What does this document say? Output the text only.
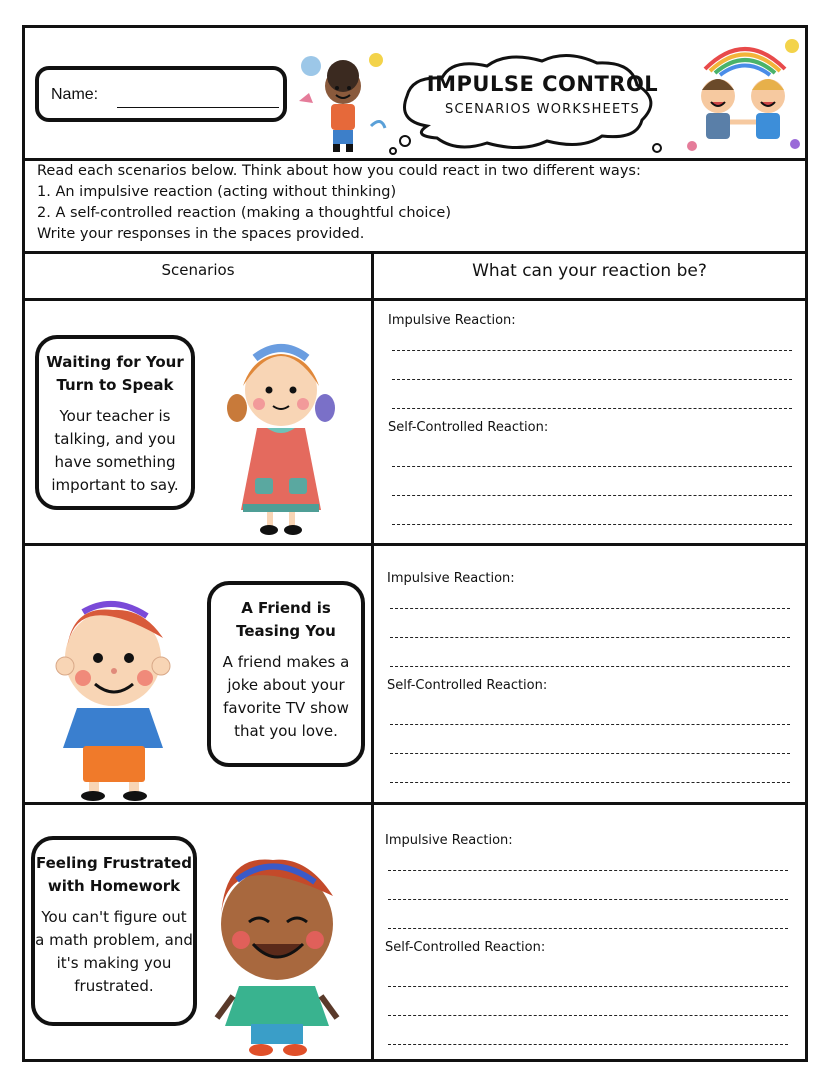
Name:	IMPULSE CONTROL
SCENARIOS WORKSHEETS
Read each scenarios below. Think about how you could react in two different ways:
1. An impulsive reaction (acting without thinking)
2. A self-controlled reaction (making a thoughtful choice)
Write your responses in the spaces provided.
Scenarios	What can your reaction be?
Waiting for Your Turn to Speak
Your teacher is talking, and you have something important to say.
Impulsive Reaction:
Self-Controlled Reaction:
A Friend is Teasing You
A friend makes a joke about your favorite TV show that you love.
Impulsive Reaction:
Self-Controlled Reaction:
Feeling Frustrated with Homework
You can't figure out a math problem, and it's making you frustrated.
Impulsive Reaction:
Self-Controlled Reaction:
